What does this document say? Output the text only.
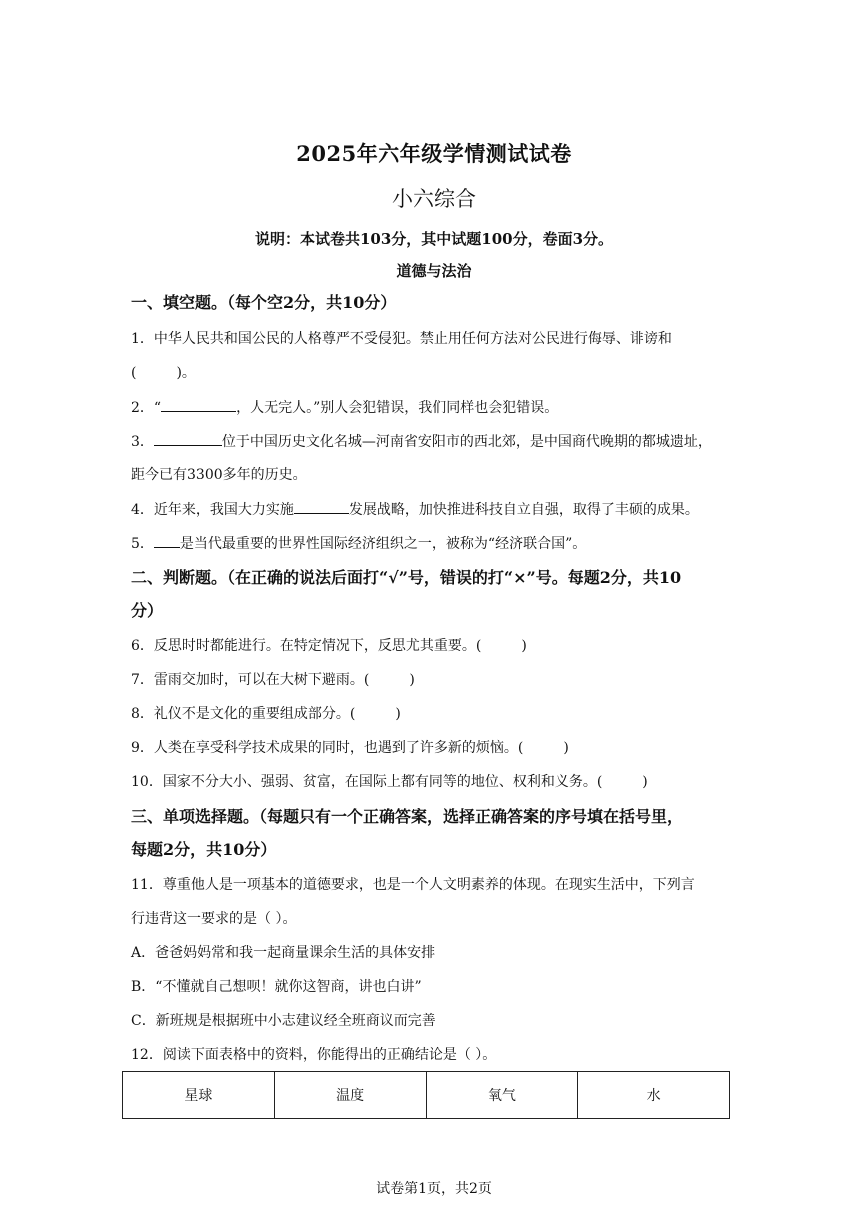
2025年六年级学情测试试卷
小六综合
说明：本试卷共103分，其中试题100分，卷面3分。
道德与法治
一、填空题。（每个空2分，共10分）
1．中华人民共和国公民的人格尊严不受侵犯。禁止用任何方法对公民进行侮辱、诽谤和
(	)。
2．“	，人无完人。”别人会犯错误，我们同样也会犯错误。
3．	位于中国历史文化名城—河南省安阳市的西北郊，是中国商代晚期的都城遗址，
距今已有3300多年的历史。
4．近年来，我国大力实施	发展战略，加快推进科技自立自强，取得了丰硕的成果。
5． 是当代最重要的世界性国际经济组织之一，被称为“经济联合国”。
二、判断题。（在正确的说法后面打“√”号，错误的打“×”号。每题2分，共10
分）
6．反思时时都能进行。在特定情况下，反思尤其重要。(	)
7．雷雨交加时，可以在大树下避雨。(	)
8．礼仪不是文化的重要组成部分。(	)
9．人类在享受科学技术成果的同时，也遇到了许多新的烦恼。(	)
10．国家不分大小、强弱、贫富，在国际上都有同等的地位、权利和义务。(	)
三、单项选择题。（每题只有一个正确答案，选择正确答案的序号填在括号里，
每题2分，共10分）
11．尊重他人是一项基本的道德要求，也是一个人文明素养的体现。在现实生活中，下列言
行违背这一要求的是（ ）。
A．爸爸妈妈常和我一起商量课余生活的具体安排
B．“不懂就自己想呗！就你这智商，讲也白讲”
C．新班规是根据班中小志建议经全班商议而完善
12．阅读下面表格中的资料，你能得出的正确结论是（ ）。
星球	温度	氧气	水
试卷第1页，共2页
